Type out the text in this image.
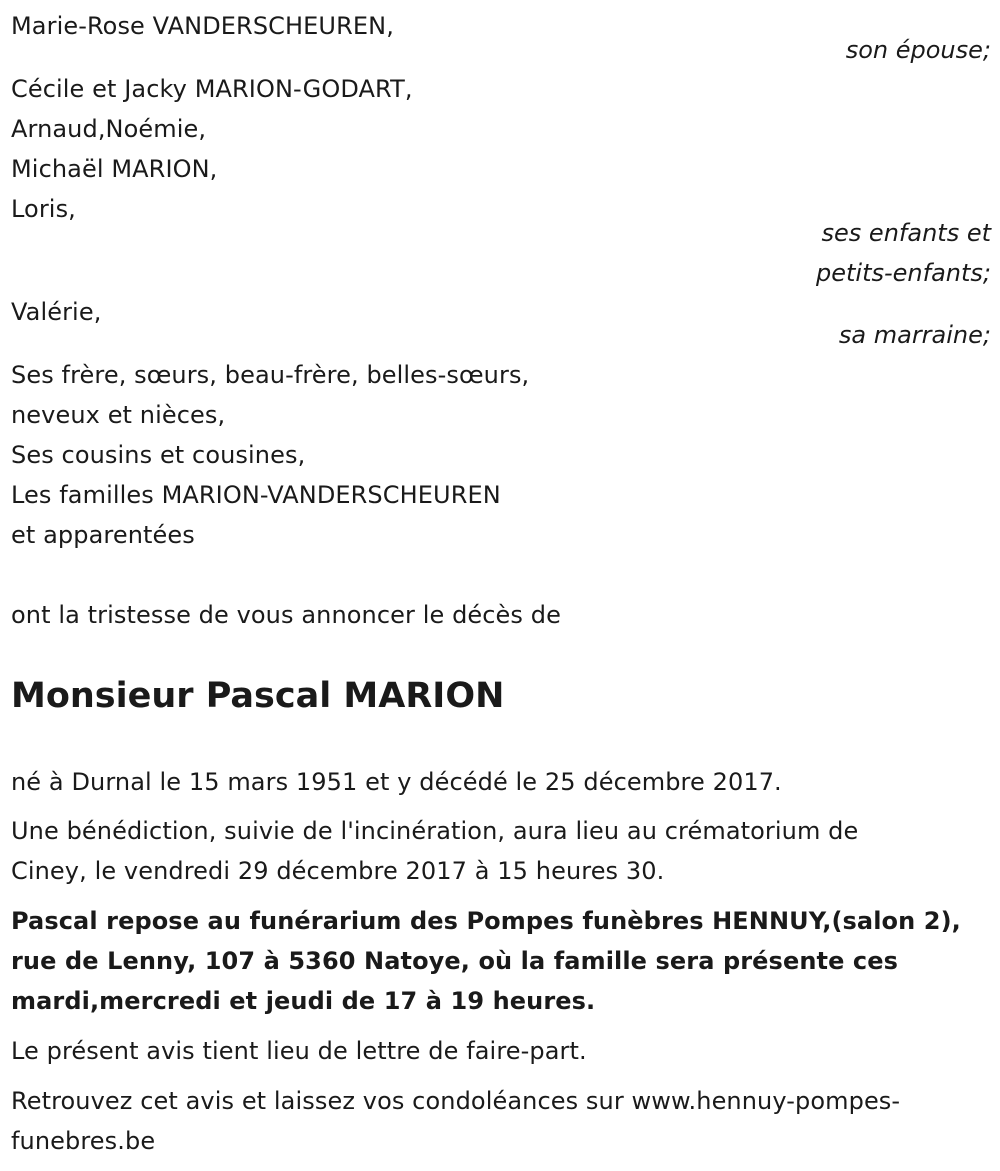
Marie-Rose VANDERSCHEUREN,
son épouse;
Cécile et Jacky MARION-GODART,
Arnaud,Noémie,
Michaël MARION,
Loris,
ses enfants et
petits-enfants;
Valérie,
sa marraine;
Ses frère, sœurs, beau-frère, belles-sœurs,
neveux et nièces,
Ses cousins et cousines,
Les familles MARION-VANDERSCHEUREN
et apparentées
ont la tristesse de vous annoncer le décès de
Monsieur Pascal MARION
né à Durnal le 15 mars 1951 et y décédé le 25 décembre 2017.
Une bénédiction, suivie de l'incinération, aura lieu au crématorium de
Ciney, le vendredi 29 décembre 2017 à 15 heures 30.
Pascal repose au funérarium des Pompes funèbres HENNUY,(salon 2),
rue de Lenny, 107 à 5360 Natoye, où la famille sera présente ces
mardi,mercredi et jeudi de 17 à 19 heures.
Le présent avis tient lieu de lettre de faire-part.
Retrouvez cet avis et laissez vos condoléances sur www.hennuy-pompes-
funebres.be
